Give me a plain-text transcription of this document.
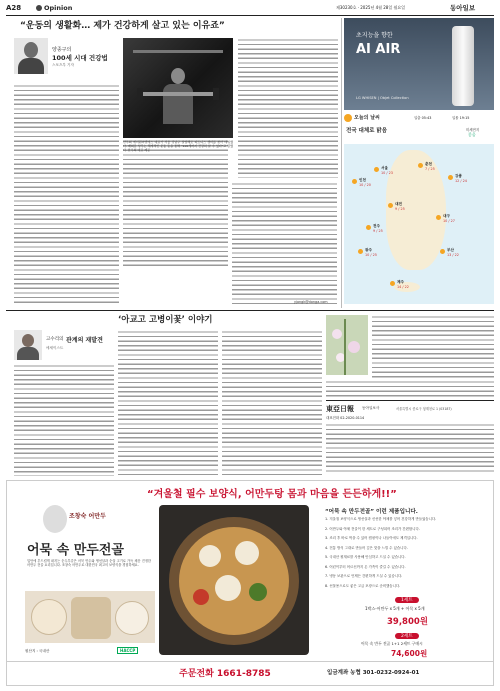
A28	Opinion	제30230호 · 2025년 4월 28일 월요일	동아일보
“운동의 생활화… 제가 건강하게 살고 있는 이유죠”
양종구의
100세 시대 건강법
스포츠부 기자
한우희 에이원씨엔에스 대표가 서울 강남구 실업해로 피트니스 센터를 찾아 데뷔했다. 배회문 상무는 체계적인 운동 등을 통해 "100세까지 건강히 살 수 있다"고 말했다. 한우희 대표 제공
yjongk@donga.com
초지능을 향한
AI AIR
LG WHISEN | Objet Collection
오늘의 날씨	일출 05:43	일몰 19:15
전국 대체로 맑음	미세먼지
좋음
서울
10 / 23
인천
10 / 20
춘천
7 / 25
강릉
12 / 24
대전
9 / 25
대구
10 / 27
전주
9 / 25
광주
10 / 25
부산
13 / 22
제주
14 / 22
‘아교고 고병이꽃’ 이야기
고수리의 관계의 재발견
에세이스트
東亞日報 동아일보사	서울특별시 종로구 청계천로 1 (03187)
대표전화 02-2020-0114
“겨울철 필수 보양식, 어만두탕 몸과 마음을 든든하게!!”
조창숙 어만두
어묵 속 만두전골
입안에 부드럽게 퍼지는 순두부같은 어묵 만두와 생선살과 순살 고기로 가득 채운 진정한 어만두 전골 요리입니다. 조창숙 어만두로 대한민국 최고의 보양식을 경험하세요.
원산지 : 국내산	HACCP
“어묵 속 만두전골” 이런 제품입니다.
1. 겨울철 보양식으로 생선살과 신선한 야채를 넣어 건강하게 만들었습니다.
2. 어만두와 야채 전골이 한 세트로 구성되어 조리가 간편합니다.
3. 조리 후 바로 먹을 수 있어 캠핑이나 나들이에도 제격입니다.
4. 전통 방식 그대로 만들어 깊은 맛을 느낄 수 있습니다.
5. 국내산 원재료를 사용해 안심하고 드실 수 있습니다.
6. 어린이부터 어르신까지 온 가족이 즐길 수 있습니다.
7. 냉동 보관으로 언제든 간편하게 드실 수 있습니다.
8. 선물용으로도 좋은 고급 포장으로 준비했습니다.
1세트
1박스-어만두 x 5개 + 어묵 x 5개
39,800원
2세트
어묵 속 만두 전골 1+1 2세트 구매시
74,600원
주문전화 1661-8785	입금계좌 농협 301-0232-0924-01
